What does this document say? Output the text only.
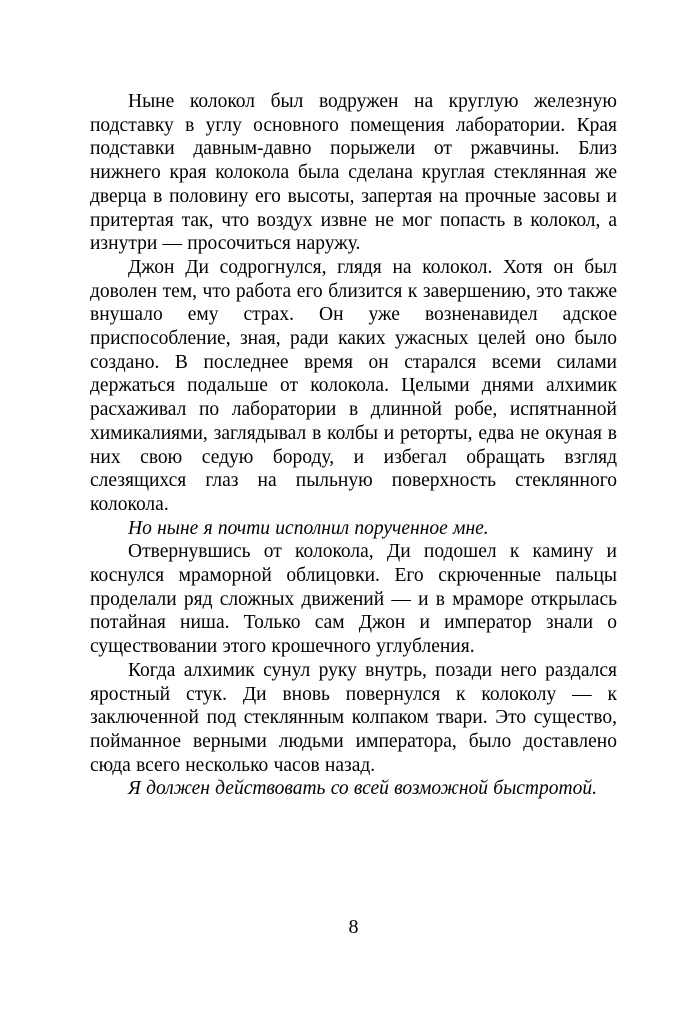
Ныне колокол был водружен на круглую железную подставку в углу основного помещения лаборатории. Края подставки давным-давно порыжели от ржавчины. Близ нижнего края колокола была сделана круглая стеклянная же дверца в половину его высоты, запертая на прочные засовы и притертая так, что воздух извне не мог попасть в колокол, а изнутри — просочиться наружу.

Джон Ди содрогнулся, глядя на колокол. Хотя он был доволен тем, что работа его близится к завершению, это также внушало ему страх. Он уже возненавидел адское приспособление, зная, ради каких ужасных целей оно было создано. В последнее время он старался всеми силами держаться подальше от колокола. Целыми днями алхимик расхаживал по лаборатории в длинной робе, испятнанной химикалиями, заглядывал в колбы и реторты, едва не окуная в них свою седую бороду, и избегал обращать взгляд слезящихся глаз на пыльную поверхность стеклянного колокола.

Но ныне я почти исполнил порученное мне.

Отвернувшись от колокола, Ди подошел к камину и коснулся мраморной облицовки. Его скрюченные пальцы проделали ряд сложных движений — и в мраморе открылась потайная ниша. Только сам Джон и император знали о существовании этого крошечного углубления.

Когда алхимик сунул руку внутрь, позади него раздался яростный стук. Ди вновь повернулся к колоколу — к заключенной под стеклянным колпаком твари. Это существо, пойманное верными людьми императора, было доставлено сюда всего несколько часов назад.

Я должен действовать со всей возможной быстротой.

8
